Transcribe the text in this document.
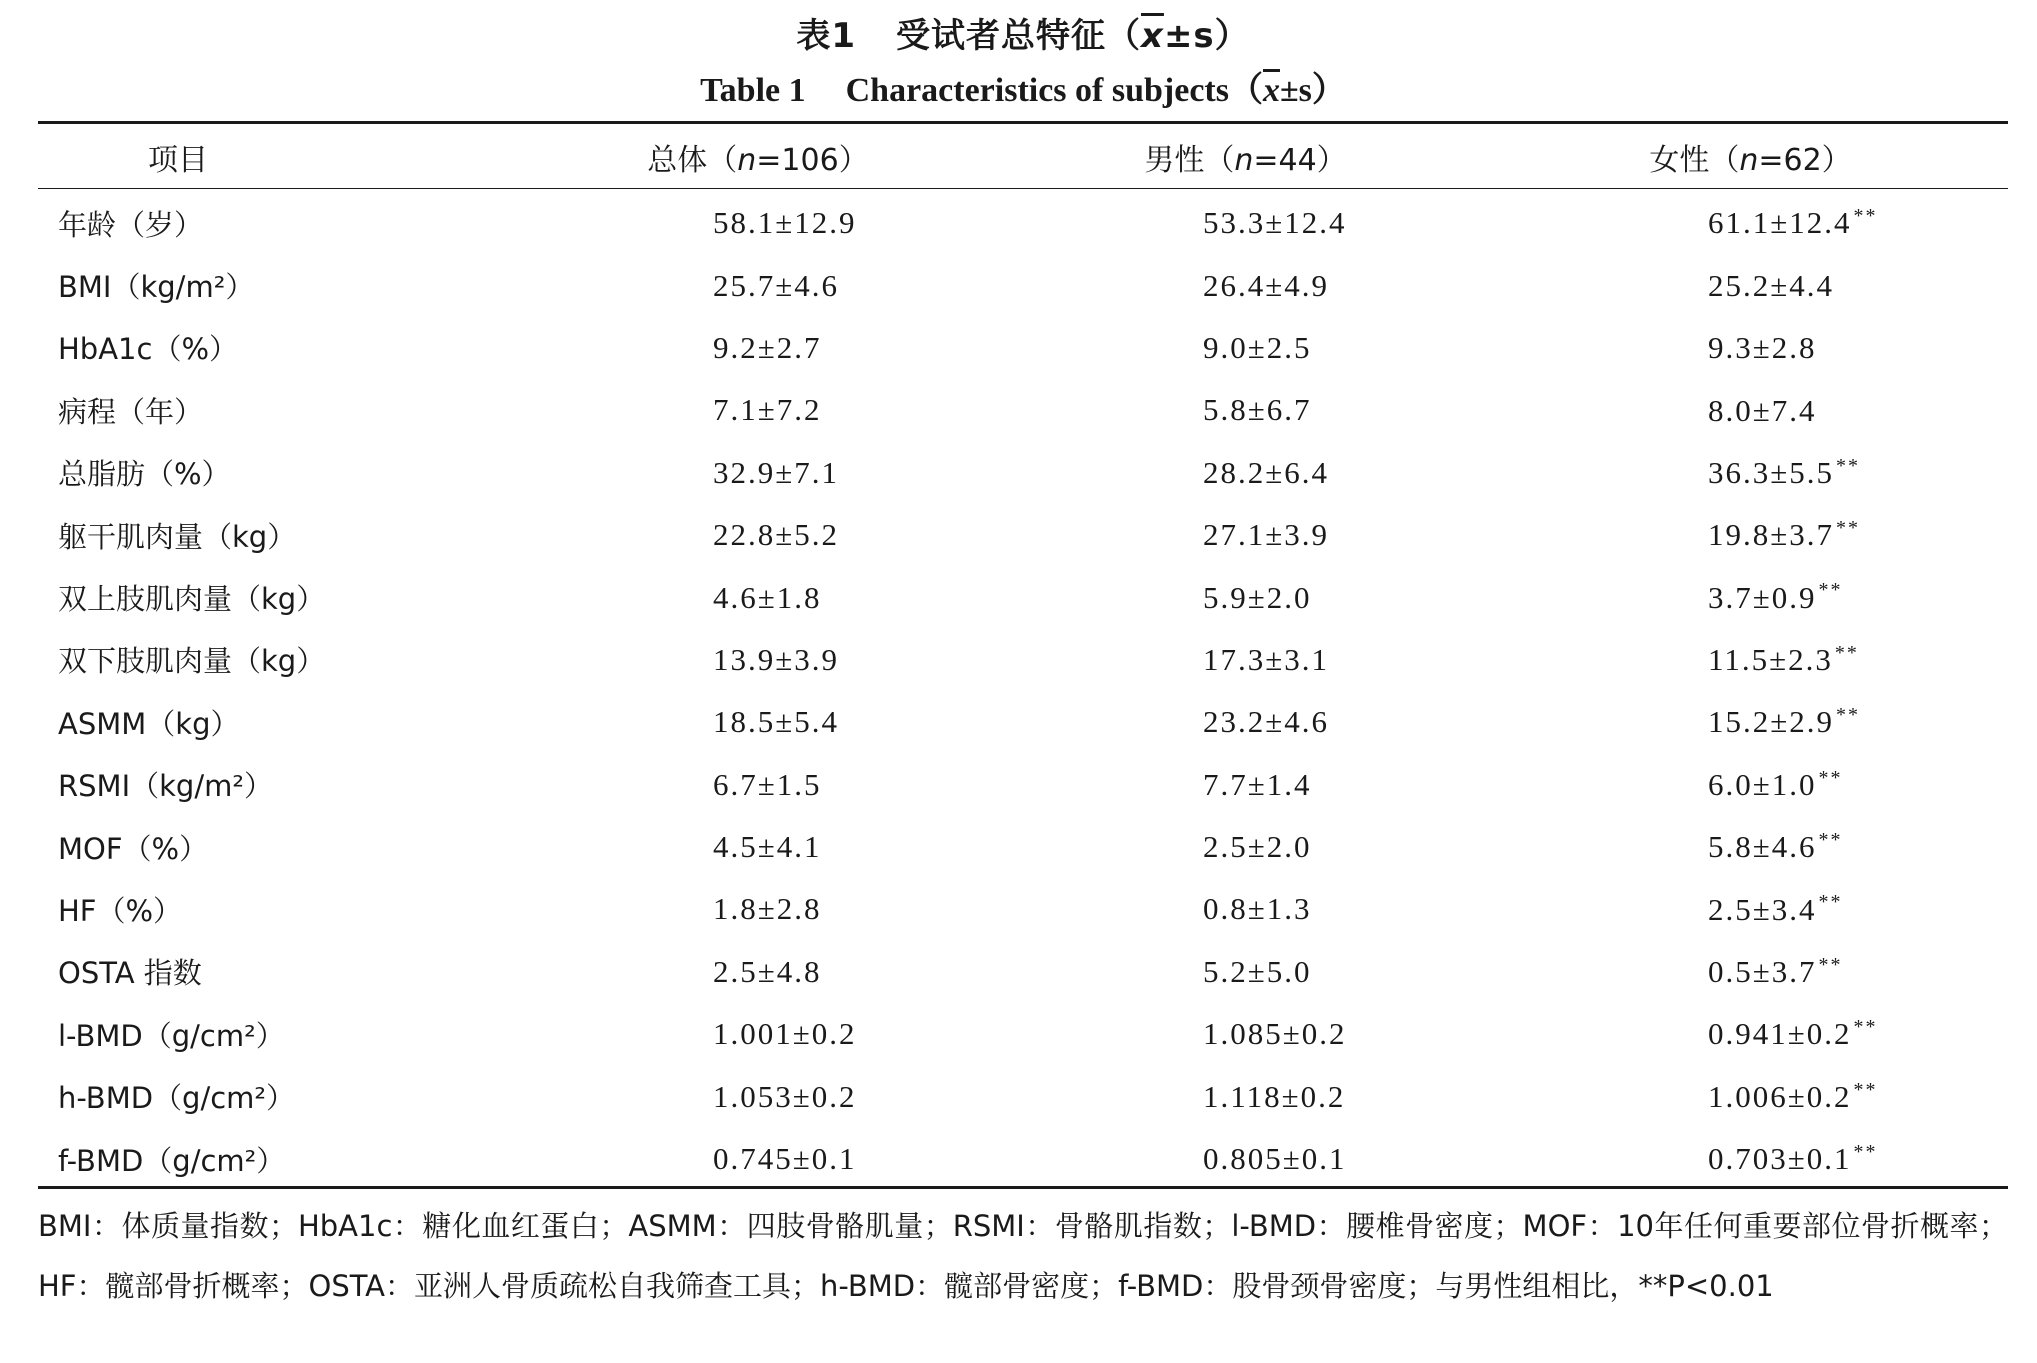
表1 受试者总特征$(\overline{x}\pm s)$
Table 1 Characteristics of $subjects(\overline{x}\pm s)$
项目	总体（n=106）	男性（n=44）	女性（n=62）
年龄（岁）	58.1±12.9	53.3±12.4	61.1±12.4 **
BMI（kg/m²）	25.7±4.6	26.4±4.9	25.2±4.4
HbA1c（%）	9.2±2.7	9.0±2.5	9.3±2.8
病程（年）	7.1±7.2	5.8±6.7	8.0±7.4
总脂肪（%）	32.9±7.1	28.2±6.4	36.3±5.5 **
躯干肌肉量（kg）	22.8±5.2	27.1±3.9	19.8±3.7 **
双上肢肌肉量（kg）	4.6±1.8	5.9±2.0	3.7±0.9 **
双下肢肌肉量（kg）	13.9±3.9	17.3±3.1	11.5±2.3 **
ASMM（kg）	18.5±5.4	23.2±4.6	15.2±2.9 **
RSMI（kg/m²）	6.7±1.5	7.7±1.4	6.0±1.0 **
MOF（%）	4.5±4.1	2.5±2.0	5.8±4.6 **
HF（%）	1.8±2.8	0.8±1.3	2.5±3.4 **
OSTA 指数	2.5±4.8	5.2±5.0	0.5±3.7 **
l-BMD（g/cm²）	1.001±0.2	1.085±0.2	0.941±0.2 **
h-BMD（g/cm²）	1.053±0.2	1.118±0.2	1.006±0.2 **
f-BMD（g/cm²）	0.745±0.1	0.805±0.1	0.703±0.1 **
BMI：体质量指数；HbA1c：糖化血红蛋白；ASMM：四肢骨骼肌量；RSMI：骨骼肌指数；l-BMD：腰椎骨密度；MOF：10年任何重要部位骨折概率；HF：髋部骨折概率；OSTA：亚洲人骨质疏松自我筛查工具；h-BMD：髋部骨密度；f-BMD：股骨颈骨密度；与男性组相比，**P<0.01
